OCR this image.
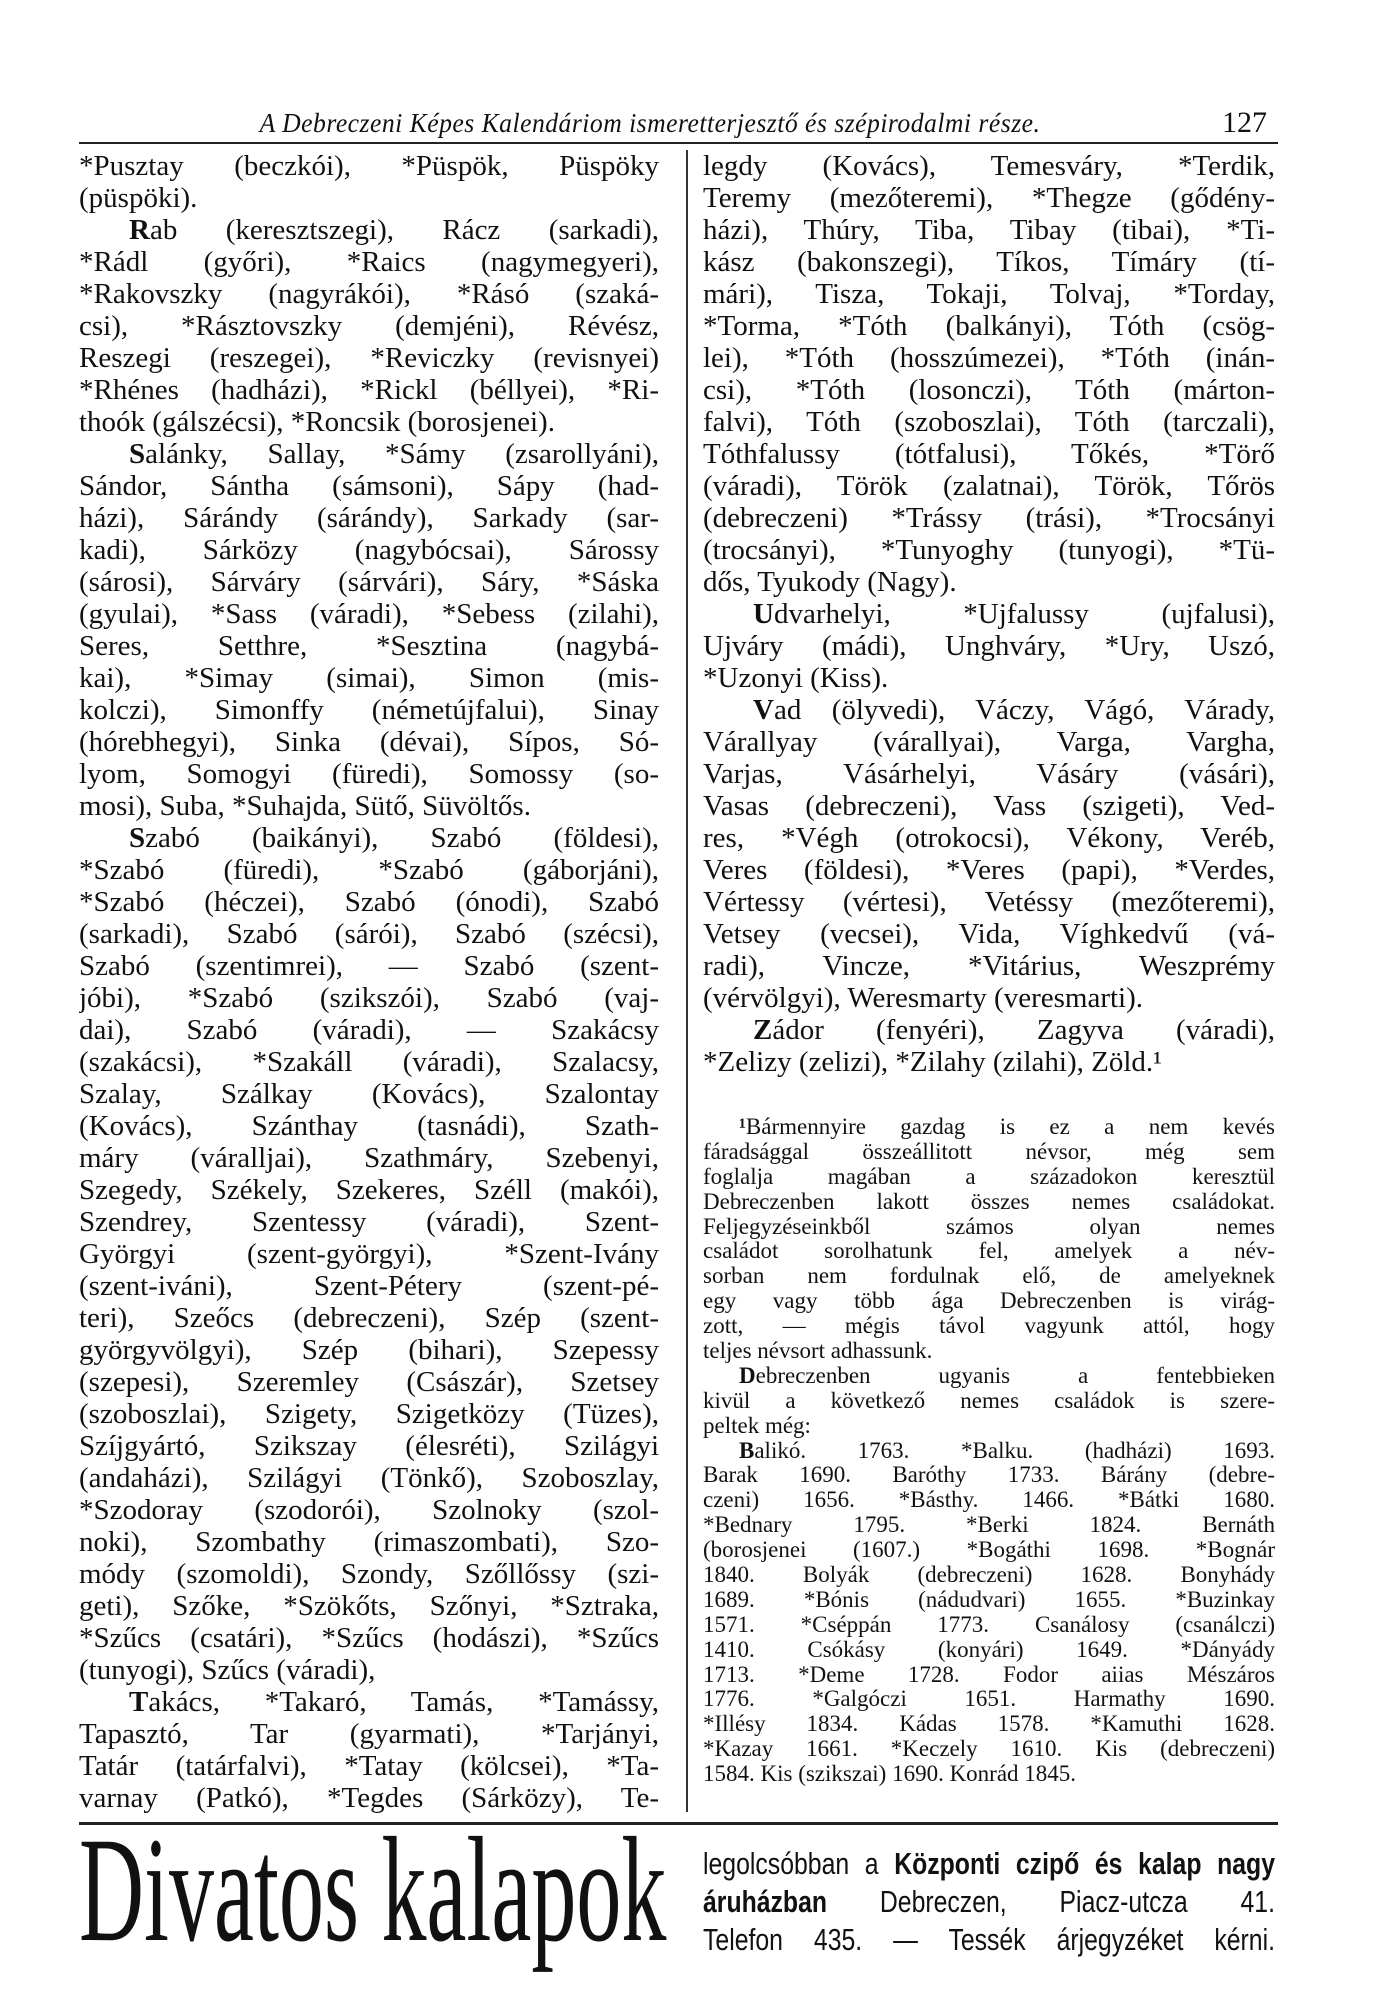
A Debreczeni Képes Kalendáriom ismeretterjesztő és szépirodalmi része.	127
*Pusztay (beczkói), *Püspök, Püspöky
(püspöki).
Rab (keresztszegi), Rácz (sarkadi),
*Rádl (győri), *Raics (nagymegyeri),
*Rakovszky (nagyrákói), *Rásó (szaká-
csi), *Rásztovszky (demjéni), Révész,
Reszegi (reszegei), *Reviczky (revisnyei)
*Rhénes (hadházi), *Rickl (béllyei), *Ri-
thoók (gálszécsi), *Roncsik (borosjenei).
Salánky, Sallay, *Sámy (zsarollyáni),
Sándor, Sántha (sámsoni), Sápy (had-
házi), Sárándy (sárándy), Sarkady (sar-
kadi), Sárközy (nagybócsai), Sárossy
(sárosi), Sárváry (sárvári), Sáry, *Sáska
(gyulai), *Sass (váradi), *Sebess (zilahi),
Seres, Setthre, *Sesztina (nagybá-
kai), *Simay (simai), Simon (mis-
kolczi), Simonffy (németújfalui), Sinay
(hórebhegyi), Sinka (dévai), Sípos, Só-
lyom, Somogyi (füredi), Somossy (so-
mosi), Suba, *Suhajda, Sütő, Süvöltős.
Szabó (baikányi), Szabó (földesi),
*Szabó (füredi), *Szabó (gáborjáni),
*Szabó (héczei), Szabó (ónodi), Szabó
(sarkadi), Szabó (sárói), Szabó (szécsi),
Szabó (szentimrei), — Szabó (szent-
jóbi), *Szabó (szikszói), Szabó (vaj-
dai), Szabó (váradi), — Szakácsy
(szakácsi), *Szakáll (váradi), Szalacsy,
Szalay, Szálkay (Kovács), Szalontay
(Kovács), Szánthay (tasnádi), Szath-
máry (váralljai), Szathmáry, Szebenyi,
Szegedy, Székely, Szekeres, Széll (makói),
Szendrey, Szentessy (váradi), Szent-
Györgyi (szent-györgyi), *Szent-Ivány
(szent-iváni), Szent-Pétery (szent-pé-
teri), Szeőcs (debreczeni), Szép (szent-
györgyvölgyi), Szép (bihari), Szepessy
(szepesi), Szeremley (Császár), Szetsey
(szoboszlai), Szigety, Szigetközy (Tüzes),
Szíjgyártó, Szikszay (élesréti), Szilágyi
(andaházi), Szilágyi (Tönkő), Szoboszlay,
*Szodoray (szodorói), Szolnoky (szol-
noki), Szombathy (rimaszombati), Szo-
módy (szomoldi), Szondy, Szőllőssy (szi-
geti), Szőke, *Szökőts, Szőnyi, *Sztraka,
*Szűcs (csatári), *Szűcs (hodászi), *Szűcs
(tunyogi), Szűcs (váradi),
Takács, *Takaró, Tamás, *Tamássy,
Tapasztó, Tar (gyarmati), *Tarjányi,
Tatár (tatárfalvi), *Tatay (kölcsei), *Ta-
varnay (Patkó), *Tegdes (Sárközy), Te-
legdy (Kovács), Temesváry, *Terdik,
Teremy (mezőteremi), *Thegze (gődény-
házi), Thúry, Tiba, Tibay (tibai), *Ti-
kász (bakonszegi), Tíkos, Tímáry (tí-
mári), Tisza, Tokaji, Tolvaj, *Torday,
*Torma, *Tóth (balkányi), Tóth (csög-
lei), *Tóth (hosszúmezei), *Tóth (inán-
csi), *Tóth (losonczi), Tóth (márton-
falvi), Tóth (szoboszlai), Tóth (tarczali),
Tóthfalussy (tótfalusi), Tőkés, *Törő
(váradi), Török (zalatnai), Török, Tőrös
(debreczeni) *Trássy (trási), *Trocsányi
(trocsányi), *Tunyoghy (tunyogi), *Tü-
dős, Tyukody (Nagy).
Udvarhelyi, *Ujfalussy (ujfalusi),
Ujváry (mádi), Unghváry, *Ury, Uszó,
*Uzonyi (Kiss).
Vad (ölyvedi), Váczy, Vágó, Várady,
Várallyay (várallyai), Varga, Vargha,
Varjas, Vásárhelyi, Vásáry (vásári),
Vasas (debreczeni), Vass (szigeti), Ved-
res, *Végh (otrokocsi), Vékony, Veréb,
Veres (földesi), *Veres (papi), *Verdes,
Vértessy (vértesi), Vetéssy (mezőteremi),
Vetsey (vecsei), Vida, Víghkedvű (vá-
radi), Vincze, *Vitárius, Weszprémy
(vérvölgyi), Weresmarty (veresmarti).
Zádor (fenyéri), Zagyva (váradi),
*Zelizy (zelizi), *Zilahy (zilahi), Zöld.¹
¹Bármennyire gazdag is ez a nem kevés
fáradsággal összeállitott névsor, még sem
foglalja magában a századokon keresztül
Debreczenben lakott összes nemes családokat.
Feljegyzéseinkből számos olyan nemes
családot sorolhatunk fel, amelyek a név-
sorban nem fordulnak elő, de amelyeknek
egy vagy több ága Debreczenben is virág-
zott, — mégis távol vagyunk attól, hogy
teljes névsort adhassunk.
Debreczenben ugyanis a fentebbieken
kivül a következő nemes családok is szere-
peltek még:
Balikó. 1763. *Balku. (hadházi) 1693.
Barak 1690. Baróthy 1733. Bárány (debre-
czeni) 1656. *Básthy. 1466. *Bátki 1680.
*Bednary 1795. *Berki 1824. Bernáth
(borosjenei (1607.) *Bogáthi 1698. *Bognár
1840. Bolyák (debreczeni) 1628. Bonyhády
1689. *Bónis (nádudvari) 1655. *Buzinkay
1571. *Cséppán 1773. Csanálosy (csanálczi)
1410. Csókásy (konyári) 1649. *Dányády
1713. *Deme 1728. Fodor aiias Mészáros
1776. *Galgóczi 1651. Harmathy 1690.
*Illésy 1834. Kádas 1578. *Kamuthi 1628.
*Kazay 1661. *Keczely 1610. Kis (debreczeni)
1584. Kis (szikszai) 1690. Konrád 1845.
Divatos kalapok legolcsóbban a Központi czipő és kalap nagy
áruházban Debreczen, Piacz-utcza 41.
Telefon 435. — Tessék árjegyzéket kérni.
